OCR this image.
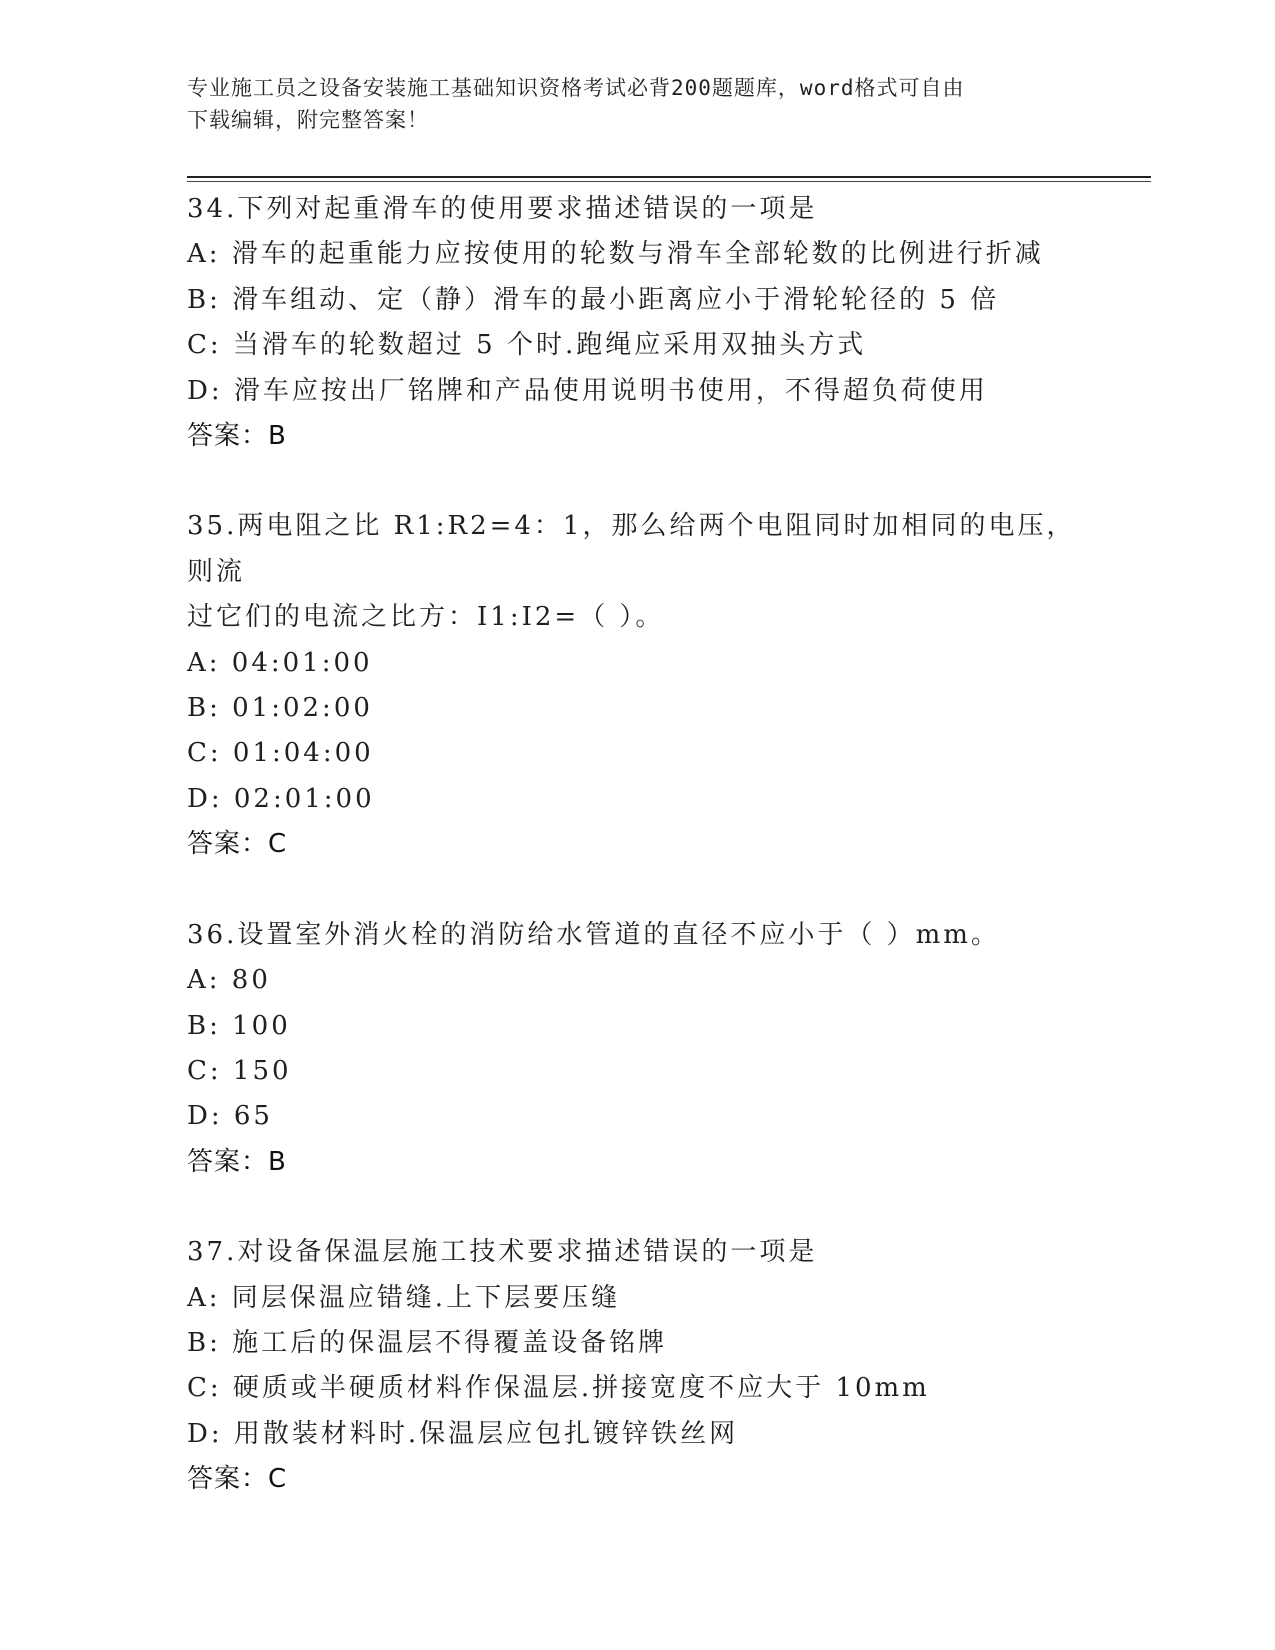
专业施工员之设备安装施工基础知识资格考试必背200题题库，word格式可自由
下载编辑，附完整答案！
34.下列对起重滑车的使用要求描述错误的一项是
A: 滑车的起重能力应按使用的轮数与滑车全部轮数的比例进行折减
B: 滑车组动、定（静）滑车的最小距离应小于滑轮轮径的 5 倍
C: 当滑车的轮数超过 5 个时.跑绳应采用双抽头方式
D: 滑车应按出厂铭牌和产品使用说明书使用，不得超负荷使用
答案：B
35.两电阻之比 R1:R2=4：1，那么给两个电阻同时加相同的电压，则流
过它们的电流之比方：I1:I2=（ ）。
A: 04:01:00
B: 01:02:00
C: 01:04:00
D: 02:01:00
答案：C
36.设置室外消火栓的消防给水管道的直径不应小于（ ）mm。
A: 80
B: 100
C: 150
D: 65
答案：B
37.对设备保温层施工技术要求描述错误的一项是
A: 同层保温应错缝.上下层要压缝
B: 施工后的保温层不得覆盖设备铭牌
C: 硬质或半硬质材料作保温层.拼接宽度不应大于 10mm
D: 用散装材料时.保温层应包扎镀锌铁丝网
答案：C
